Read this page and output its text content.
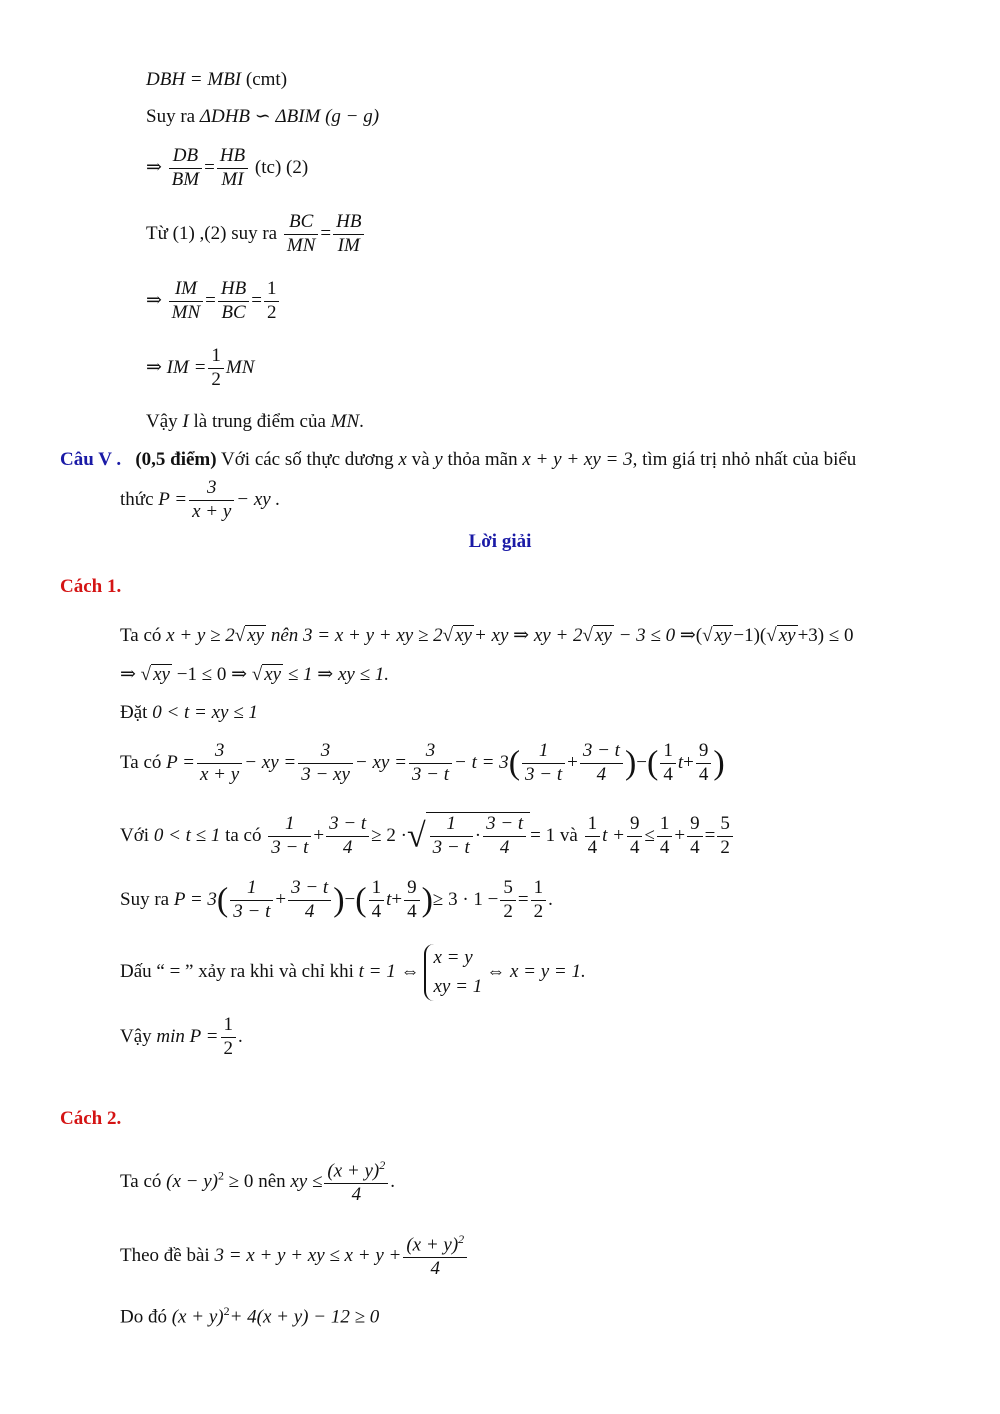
DBH = MBI (cmt)
Suy ra ΔDHB ∽ ΔBIM (g − g)
⇒ $\frac{DB}{BM} = \frac{HB}{MI} (tc)$ (2)
Từ (1) ,(2) suy ra $\frac{BC}{MN} = \frac{HB}{IM}$
⇒ $\frac{IM}{MN} = \frac{HB}{BC} = \frac{1}{2}$
⇒ IM = $\frac{1}{2}$ MN
Vậy I là trung điểm của MN.
Câu V . (0,5 điểm) Với các số thực dương x và y thỏa mãn x + y + xy = 3, tìm giá trị nhỏ nhất của biểu
thức $P = \frac{3}{x + y}$ − xy .
Lời giải
Cách 1.
Ta có x + y ≥ 2√ xy nên 3 = x + y + xy ≥ 2√ xy + xy ⇒ xy + 2√ xy − 3 ≤ 0 ⇒(√ xy −1)(√ xy +3) ≤ 0
⇒ √ xy −1 ≤ 0 ⇒ √ xy ≤ 1 ⇒ xy ≤ 1.
Đặt 0 < t = xy ≤ 1
Ta có $P = \frac{3}{x + y}$ − xy = $\frac{3}{3 - xy}$ − xy = $\frac{3}{3 - t} - t = 3( \frac{1}{3 - t} + \frac{3 - t}{4}$ )−( $\frac{1}{4} t+ \frac{9}{4}$ )
Với 0 < t ≤ 1 ta có $\frac{1}{3 - t} + \frac{3 - t}{4} \ge 2$ ·√ $\frac{1}{3 - t} \cdot \frac{3 - t}{4} = 1$ và $\frac{1}{4}$ $t + \frac{9}{4} \le \frac{1}{4} + \frac{9}{4} = \frac{5}{2}$
Suy ra $P = 3( \frac{1}{3 - t} + \frac{3 - t}{4}$ )−( $\frac{1}{4} t+ \frac{9}{4}$ )≥ $3 \cdot 1 - \frac{5}{2} = \frac{1}{2}$ .
Dấu “ = ” xảy ra khi và chỉ khi t = 1 ⇔
x = y
xy = 1
⇔ x = y = 1.
Vậy $\min P = \frac{1}{2}$ .
Cách 2.
Ta có $(x - y)^2 \ge 0$ nên xy ≤ $\frac{(x + y)^2}{4}$ .
Theo đề bài 3 = x + y + xy ≤ $x + y + \frac{(x + y)^2}{4}$
Do đó $(x + y)^2+ 4(x + y) - 12 \ge 0$
